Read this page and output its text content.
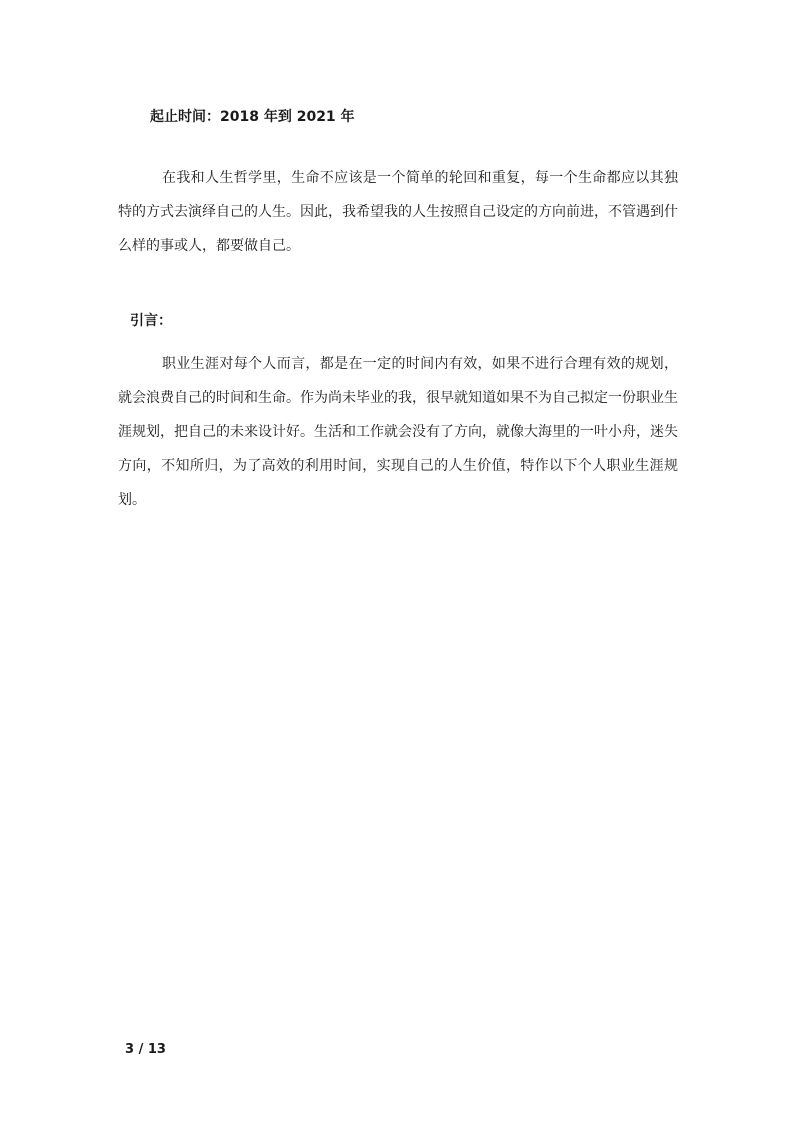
起止时间：2018 年到 2021 年
在我和人生哲学里，生命不应该是一个简单的轮回和重复，每一个生命都应以其独特的方式去演绎自己的人生。因此，我希望我的人生按照自己设定的方向前进，不管遇到什么样的事或人，都要做自己。
引言：
职业生涯对每个人而言，都是在一定的时间内有效，如果不进行合理有效的规划，就会浪费自己的时间和生命。作为尚未毕业的我，很早就知道如果不为自己拟定一份职业生涯规划，把自己的未来设计好。生活和工作就会没有了方向，就像大海里的一叶小舟，迷失方向，不知所归，为了高效的利用时间，实现自己的人生价值，特作以下个人职业生涯规划。
3 / 13
